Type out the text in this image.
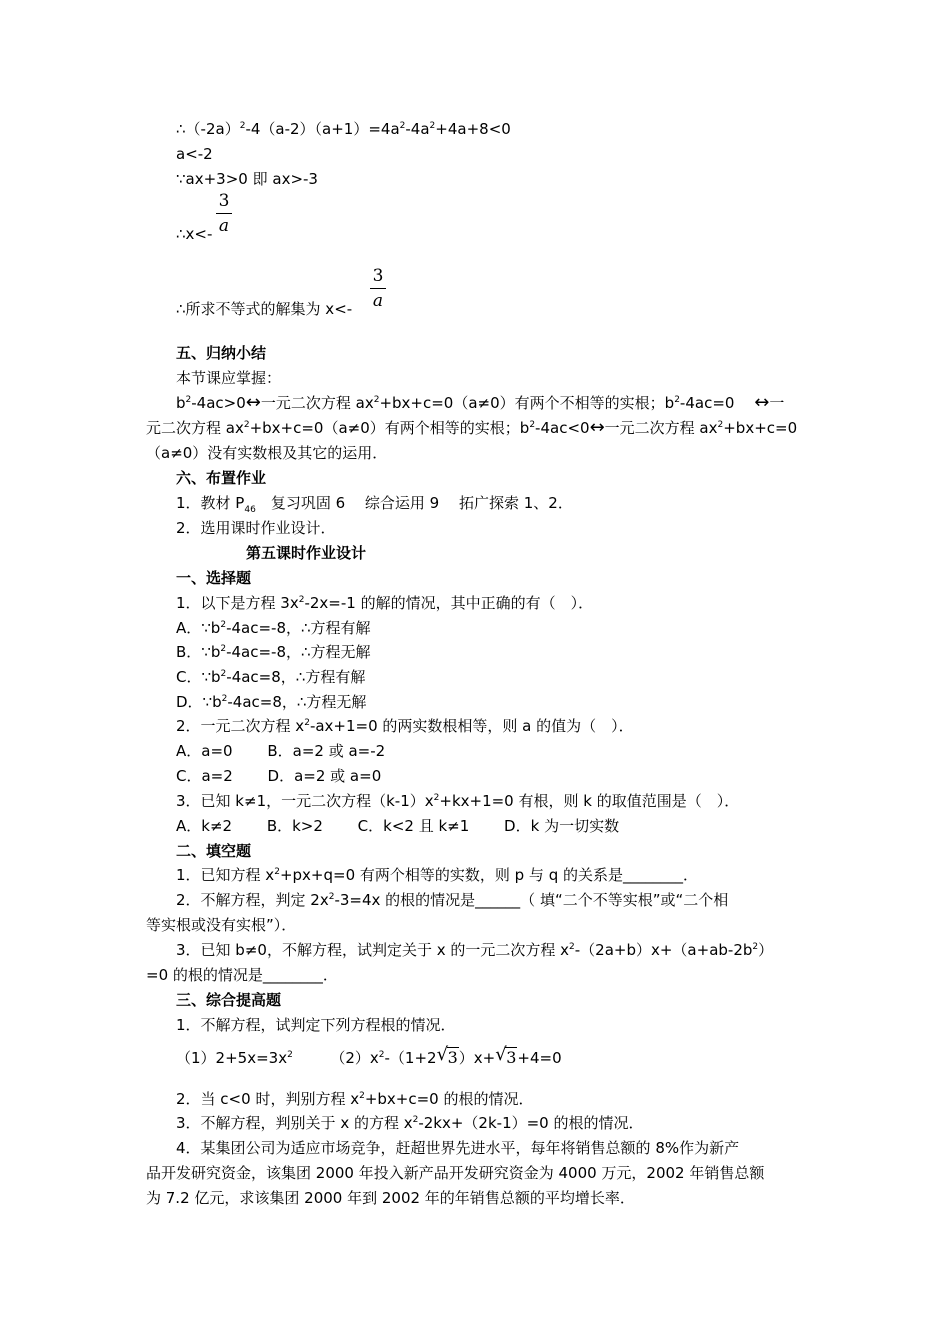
$\therefore(-2a)^2-4(a-2)(a+1)=4a^2-4a^2+4a+8<0$
a<-2
∵ax+3>0 即 ax>-3
3
a
∴x<-
3
a
∴所求不等式的解集为 x<-
五、归纳小结
本节课应掌握：
$b^2-4ac>0\leftrightarrow$一元二次方程 $ax^2+bx+c=0(a\ne 0)$有两个不相等的实根；$b^2-4ac=0$　 ↔一
元二次方程 $ax^2+bx+c=0(a\ne 0)$有两个相等的实根；$b^2-4ac<0\leftrightarrow$一元二次方程 $ax^2+bx+c=0$
（a≠0）没有实数根及其它的运用．
六、布置作业
1．教材 $P_{46}$　复习巩固 6　 综合运用 9　 拓广探索 1、2．
2．选用课时作业设计．
第五课时作业设计
一、选择题
1．以下是方程 $3x^2-2x=-1$ 的解的情况，其中正确的有（　）．
A．$\because b^2-4ac=-8$，∴方程有解
B．$\because b^2-4ac=-8$，∴方程无解
C．$\because b^2-4ac=8$，∴方程有解
D．$\because b^2-4ac=8$，∴方程无解
2．一元二次方程 $x^2-ax+1=0$ 的两实数根相等，则 a 的值为（　）．
A．a=0　　 B．a=2 或 a=-2
C．a=2　　 D．a=2 或 a=0
3．已知 k≠1，一元二次方程$(k-1)x^2+kx+1=0$ 有根，则 k 的取值范围是（　）．
A．k≠2　　 B．k>2　　 C．k<2 且 k≠1　　 D．k 为一切实数
二、填空题
1．已知方程 $x^2+px+q=0$ 有两个相等的实数，则 p 与 q 的关系是________．
2．不解方程，判定 $2x^2-3=4x$ 的根的情况是______（ 填“二个不等实根”或“二个相
等实根或没有实根”）．
3．已知 b≠0，不解方程，试判定关于 x 的一元二次方程 $x^2-(2a+b)x+(a+ab-2b^2)$
=0 的根的情况是________．
三、综合提高题
1．不解方程，试判定下列方程根的情况．
$(1)2+5x=3x^2$　　　	$(2)x^2-(1+2$ √ 3）x+ √ 3+4=0
2．当 c<0 时，判别方程 $x^2+bx+c=0$ 的根的情况．
3．不解方程，判别关于 x 的方程 $x^2-2kx+(2k-1)=0$ 的根的情况．
4．某集团公司为适应市场竞争，赶超世界先进水平，每年将销售总额的 8%作为新产
品开发研究资金，该集团 2000 年投入新产品开发研究资金为 4000 万元，2002 年销售总额
为 7.2 亿元，求该集团 2000 年到 2002 年的年销售总额的平均增长率．
